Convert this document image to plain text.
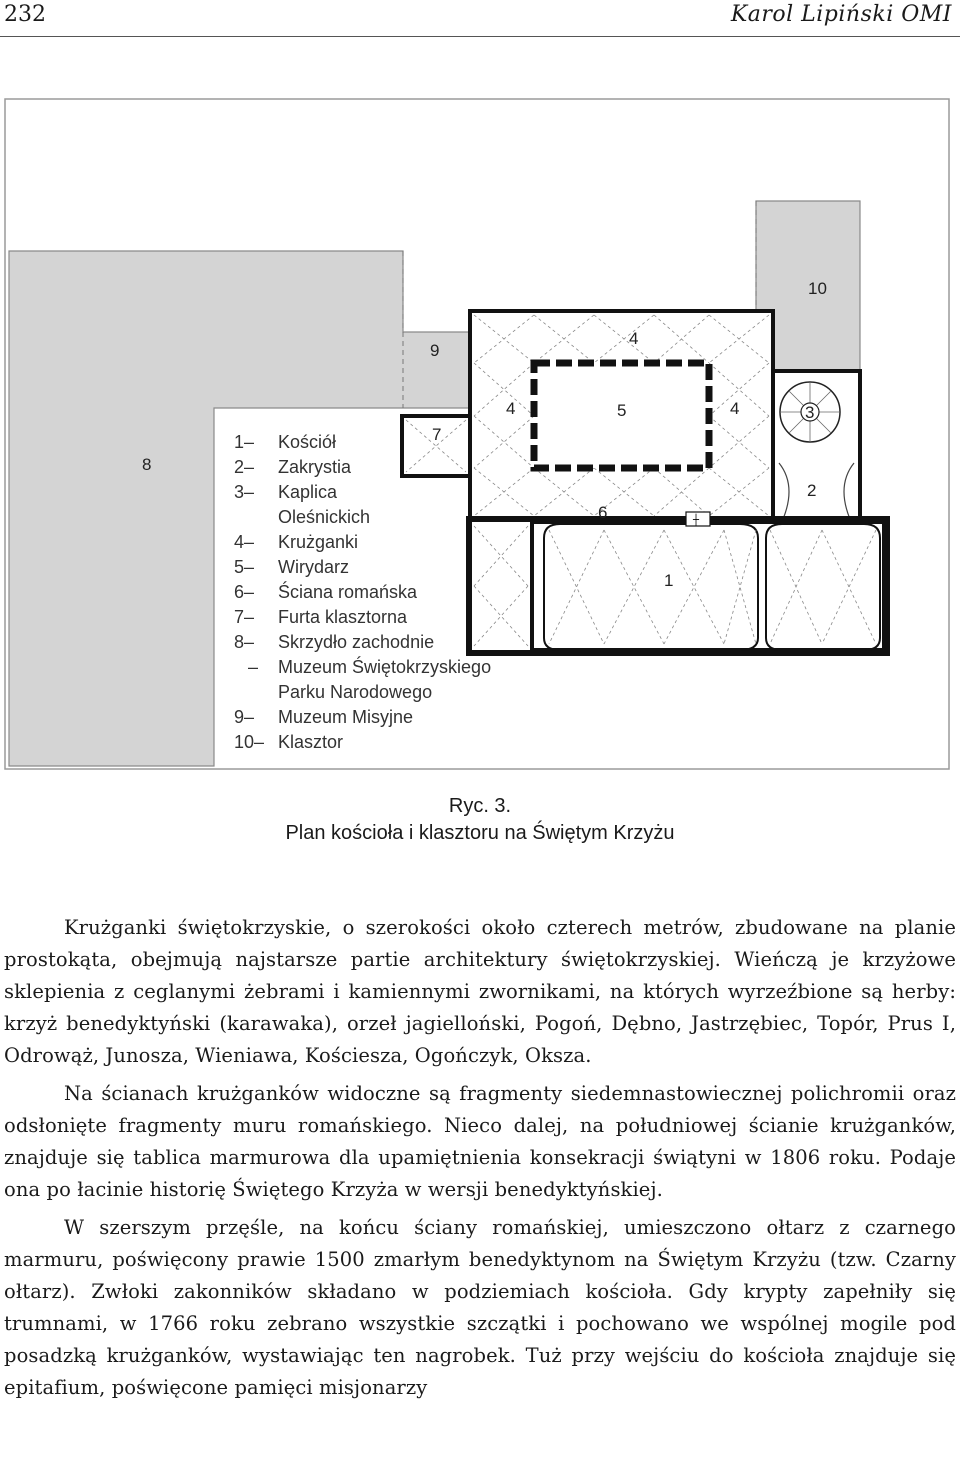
232	Karol Lipiński OMI
┼
1
2
3
4
4	4
5
6
7
8
9
10
1– Kościół
2– Zakrystia
3– Kaplica
Oleśnickich
4– Krużganki
5– Wirydarz
6– Ściana romańska
7– Furta klasztorna
8– Skrzydło zachodnie
– Muzeum Świętokrzyskiego
Parku Narodowego
9– Muzeum Misyjne
10– Klasztor
Ryc. 3.
Plan kościoła i klasztoru na Świętym Krzyżu

Krużganki świętokrzyskie, o szerokości około czterech metrów, zbudowane na planie prostokąta, obejmują najstarsze partie architektury świętokrzyskiej. Wieńczą je krzyżowe sklepienia z ceglanymi żebrami i kamiennymi zwornikami, na których wyrzeźbione są herby: krzyż benedyktyński (karawaka), orzeł jagielloński, Pogoń, Dębno, Jastrzębiec, Topór, Prus I, Odrowąż, Junosza, Wieniawa, Kościesza, Ogończyk, Oksza.

Na ścianach krużganków widoczne są fragmenty siedemnastowiecznej polichromii oraz odsłonięte fragmenty muru romańskiego. Nieco dalej, na południowej ścianie krużganków, znajduje się tablica marmurowa dla upamiętnienia konsekracji świątyni w 1806 roku. Podaje ona po łacinie historię Świętego Krzyża w wersji benedyktyńskiej.

W szerszym przęśle, na końcu ściany romańskiej, umieszczono ołtarz z czarnego marmuru, poświęcony prawie 1500 zmarłym benedyktynom na Świętym Krzyżu (tzw. Czarny ołtarz). Zwłoki zakonników składano w podziemiach kościoła. Gdy krypty zapełniły się trumnami, w 1766 roku zebrano wszystkie szczątki i pochowano we wspólnej mogile pod posadzką krużganków, wystawiając ten nagrobek. Tuż przy wejściu do kościoła znajduje się epitafium, poświęcone pamięci misjonarzy
